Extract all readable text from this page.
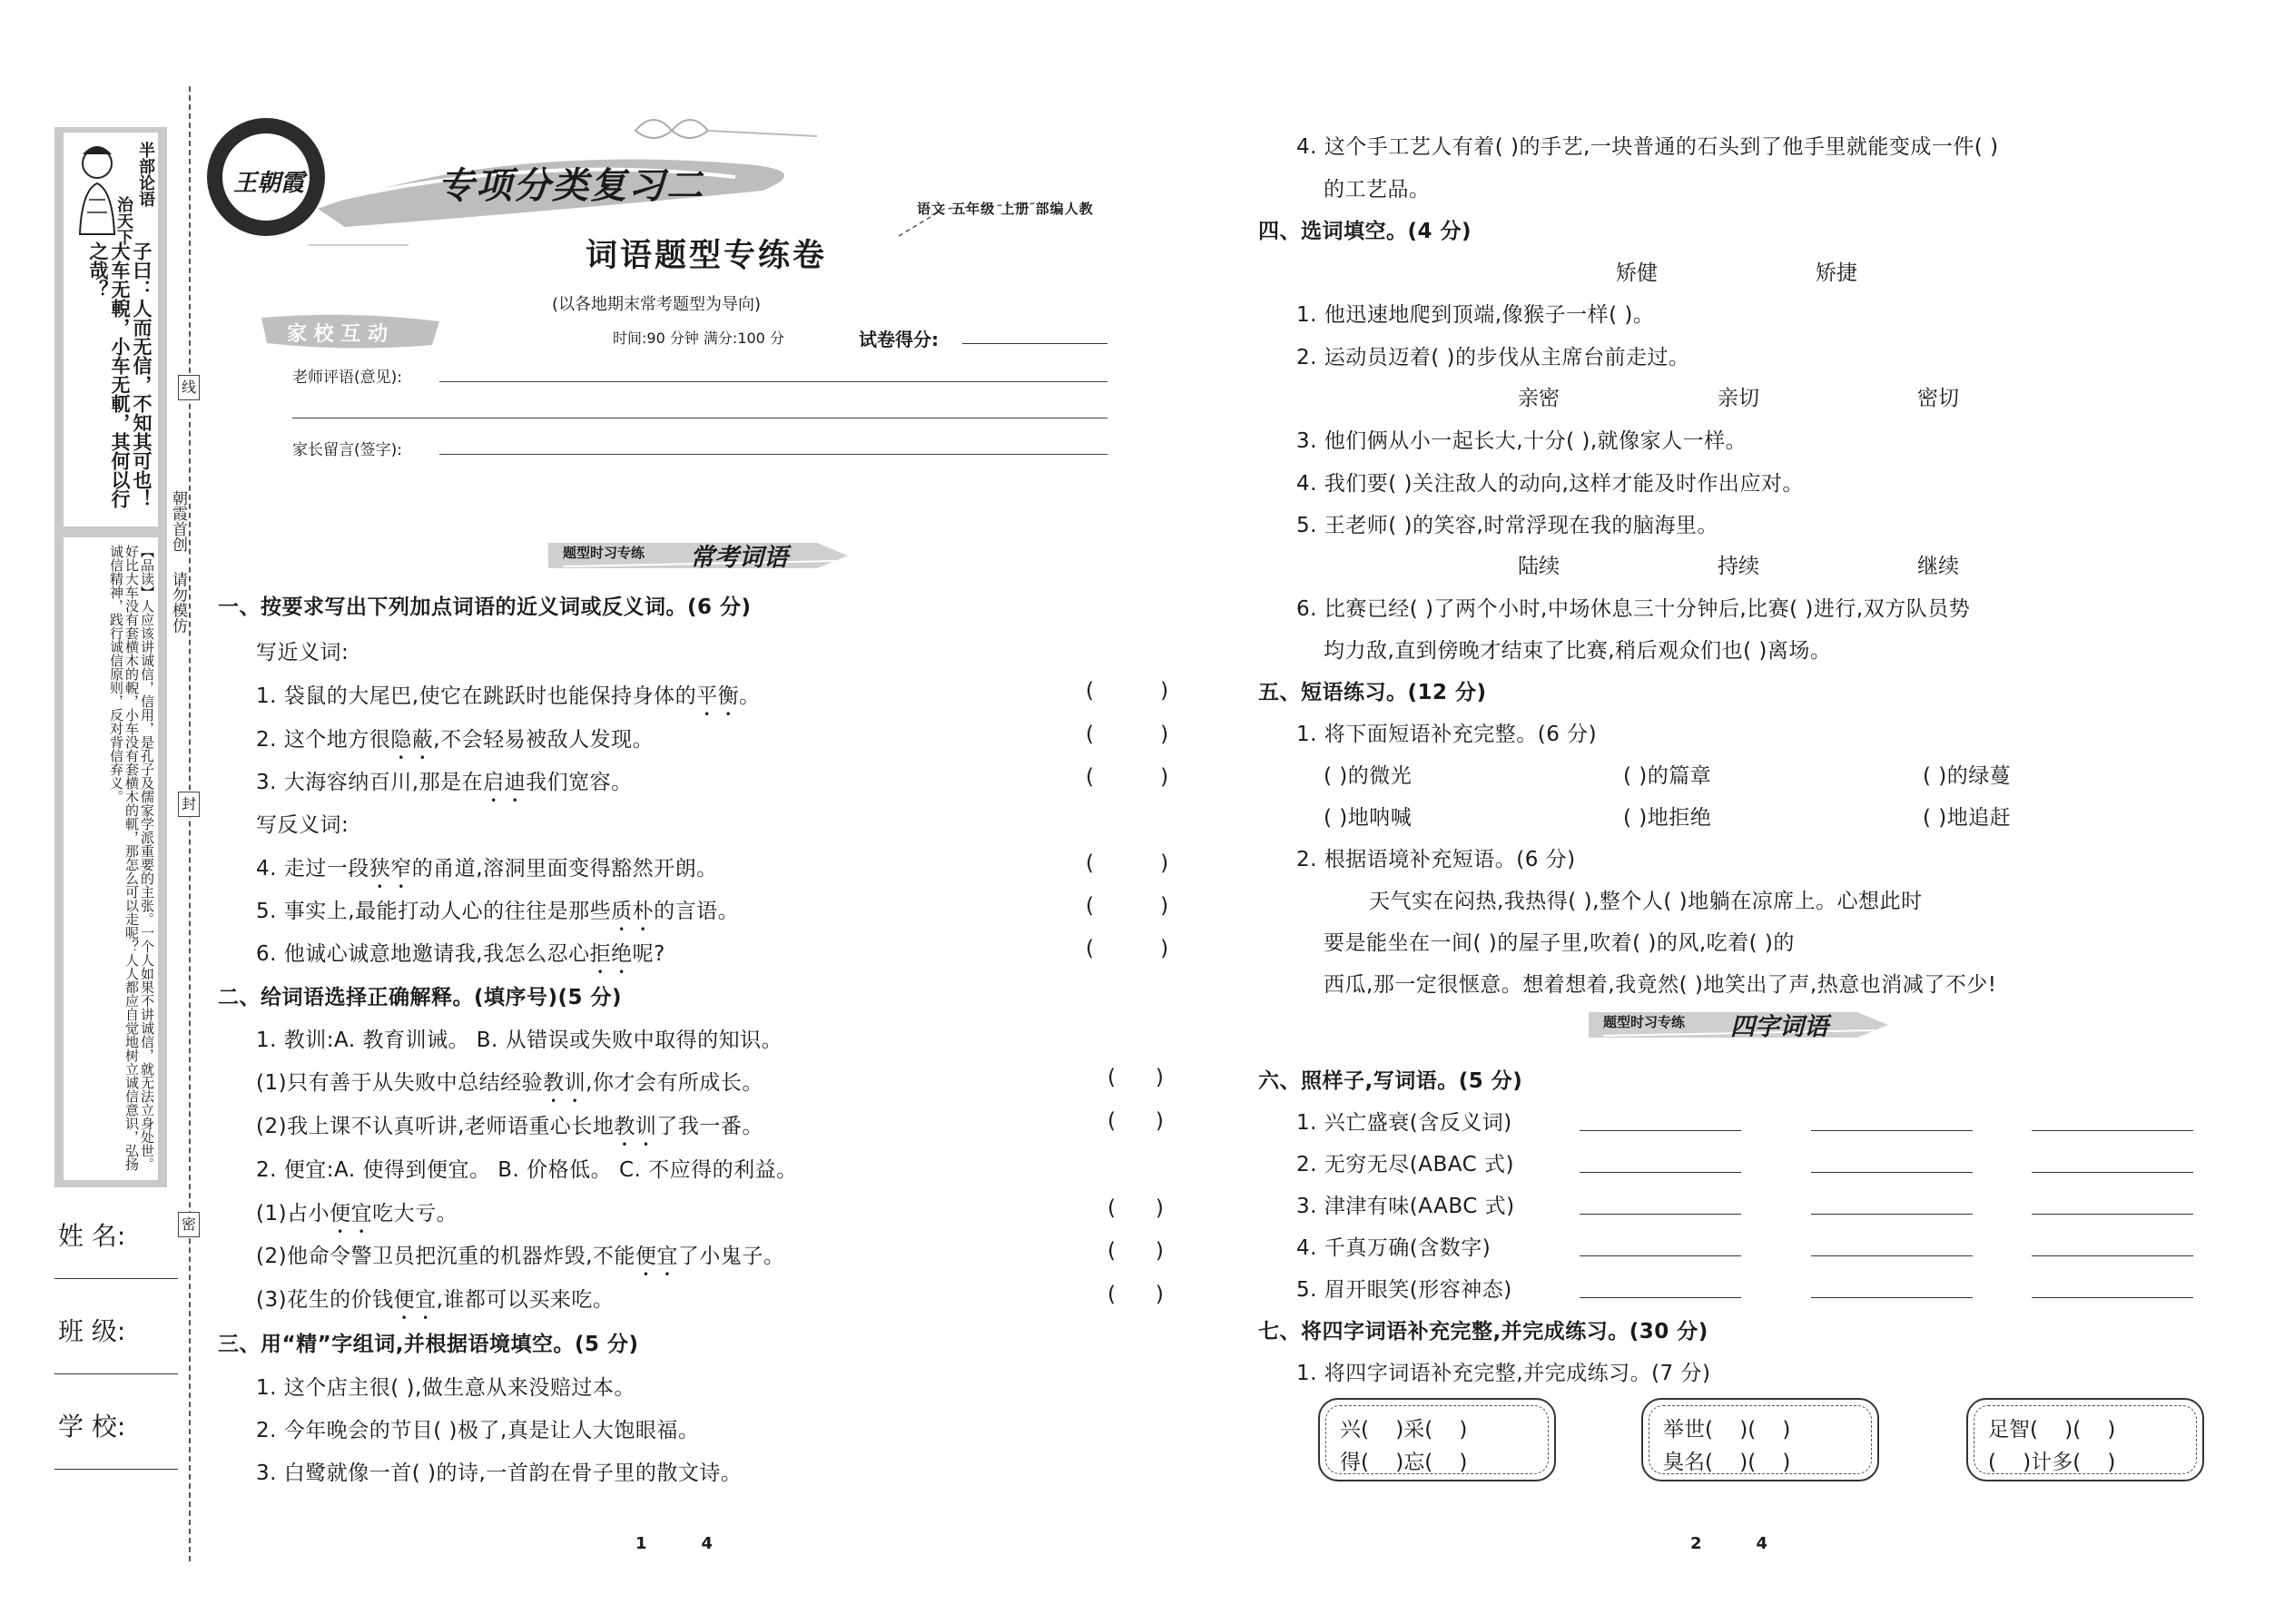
半部论语
治天下
子曰：人而无信，不知其可也！大车无輗，小车无軏，其何以行之哉？
【品读】人应该讲诚信，信用，是孔子及儒家学派重要的主张。一个人如果不讲诚信，就无法立身处世。好比大车没有套横木的輗，小车没有套横木的軏，那怎么可以走呢？人人都应自觉地树立诚信意识，弘扬诚信精神，践行诚信原则，反对背信弃义。
姓 名:
班 级:
学 校:
线
封
密
朝霞首创    请勿模仿
王朝霞	专项分类复习二
词语题型专练卷
语文 五年级 上册 部编人教
(以各地期末常考题型为导向)
时间:90 分钟 满分:100 分	试卷得分:
家 校 互 动
老师评语(意见):
家长留言(签字):
题型时习专练 常考词语
一、按要求写出下列加点词语的近义词或反义词。(6 分)
写近义词:
1. 袋鼠的大尾巴,使它在跳跃时也能保持身体的平衡。	(          )
2. 这个地方很隐蔽,不会轻易被敌人发现。	(          )
3. 大海容纳百川,那是在启迪我们宽容。	(          )
写反义词:
4. 走过一段狭窄的甬道,溶洞里面变得豁然开朗。	(          )
5. 事实上,最能打动人心的往往是那些质朴的言语。	(          )
6. 他诚心诚意地邀请我,我怎么忍心拒绝呢?	(          )
二、给词语选择正确解释。(填序号)(5 分)
1. 教训:A. 教育训诫。 B. 从错误或失败中取得的知识。
(1)只有善于从失败中总结经验教训,你才会有所成长。	(      )
(2)我上课不认真听讲,老师语重心长地教训了我一番。	(      )
2. 便宜:A. 使得到便宜。 B. 价格低。 C. 不应得的利益。
(1)占小便宜吃大亏。	(      )
(2)他命令警卫员把沉重的机器炸毁,不能便宜了小鬼子。	(      )
(3)花生的价钱便宜,谁都可以买来吃。	(      )
三、用“精”字组词,并根据语境填空。(5 分)
1. 这个店主很( ),做生意从来没赔过本。
2. 今年晚会的节目( )极了,真是让人大饱眼福。
3. 白鹭就像一首( )的诗,一首韵在骨子里的散文诗。
14
4. 这个手工艺人有着( )的手艺,一块普通的石头到了他手里就能变成一件( )
的工艺品。
四、选词填空。(4 分)
矫健	矫捷
1. 他迅速地爬到顶端,像猴子一样( )。
2. 运动员迈着( )的步伐从主席台前走过。
亲密	亲切	密切
3. 他们俩从小一起长大,十分( ),就像家人一样。
4. 我们要( )关注敌人的动向,这样才能及时作出应对。
5. 王老师( )的笑容,时常浮现在我的脑海里。
陆续	持续	继续
6. 比赛已经( )了两个小时,中场休息三十分钟后,比赛( )进行,双方队员势
均力敌,直到傍晚才结束了比赛,稍后观众们也( )离场。
五、短语练习。(12 分)
1. 将下面短语补充完整。(6 分)
( )的微光	( )的篇章	( )的绿蔓
( )地呐喊	( )地拒绝	( )地追赶
2. 根据语境补充短语。(6 分)
天气实在闷热,我热得( ),整个人( )地躺在凉席上。心想此时
要是能坐在一间( )的屋子里,吹着( )的风,吃着( )的
西瓜,那一定很惬意。想着想着,我竟然( )地笑出了声,热意也消减了不少!
题型时习专练 四字词语
六、照样子,写词语。(5 分)
1. 兴亡盛衰(含反义词)
2. 无穷无尽(ABAC 式)
3. 津津有味(AABC 式)
4. 千真万确(含数字)
5. 眉开眼笑(形容神态)
七、将四字词语补充完整,并完成练习。(30 分)
1. 将四字词语补充完整,并完成练习。(7 分)
兴(    )采(    )
得(    )忘(    )
举世(    )(    )
臭名(    )(    )
足智(    )(    )
(    )计多(    )
24
